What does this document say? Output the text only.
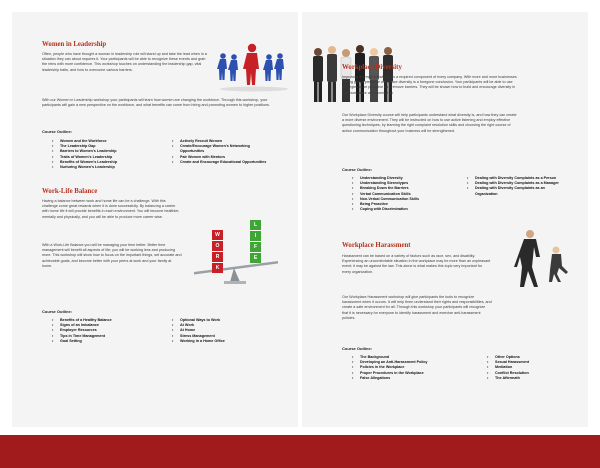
Women in Leadership
Often, people who have thought a woman in leadership role will stand up and take the lead when in a situation they can about requires it. Your participants will be able to recognize these events and grab the reins with more confidence. This workshop touches on understanding the leadership gap, vital leadership traits, and how to overcome various barriers.
With our Women in Leadership workshop your participants will learn how women are changing the workforce. Through this workshop, your participants will gain a new perspective on the workforce, and what benefits can come from hiring and promoting women to higher positions.
Course Outline:
• Women and the Workforce
• The Leadership Gap
• Barriers to Women's Leadership
• Traits of Women's Leadership
• Benefits of Women's Leadership
• Nurturing Women's Leadership
• Actively Recruit Women
• Create/Encourage Women's Networking Opportunities
• Pair Women with Mentors
• Create and Encourage Educational Opportunities
Work-Life Balance
Having a balance between work and home life can be a challenge. With this challenge come great rewards when it is done successfully. By balancing a career with home life it will provide benefits in each environment. You will become healthier, mentally and physically, and you will be able to produce more career wise.
With a Work-Life Balance you will be managing your time better. Better time management will benefit all aspects of life; you will be working less and producing more. This workshop will show how to focus on the important things, set accurate and achievable goals, and become better with your peers at work and your family at home.
W
O
R
K
L
I
F
E
Course Outline:
• Benefits of a Healthy Balance
• Signs of an Imbalance
• Employer Resources
• Tips in Time Management
• Goal Setting
• Optional Ways to Work
• At Work
• At Home
• Stress Management
• Working in a Home Office
Workplace Diversity
Improving diversity knowledge is a required component of every company. With more and more businesses having global presence workplace diversity is a foregone conclusion. Your participants will be able to use strategies to be proactive and remove barriers. They will be shown how to build and encourage diversity in their workplace and community.
Our Workplace Diversity course will help participants understand what diversity is, and how they can create a more diverse environment. They will be instructed on how to use active listening and employ effective questioning techniques, by learning the right complaint resolution skills and choosing the right course of action communication throughout your business will be strengthened.
Course Outline:
• Understanding Diversity
• Understanding Stereotypes
• Breaking Down the Barriers
• Verbal Communication Skills
• Non-Verbal Communication Skills
• Being Proactive
• Coping with Discrimination
• Dealing with Diversity Complaints as a Person
• Dealing with Diversity Complaints as a Manager
• Dealing with Diversity Complaints as an Organization
Workplace Harassment
Harassment can be based on a variety of factors such as race, sex, and disability. Experiencing an uncomfortable situation in the workplace may be more than an unpleasant event; it may be against the law. This alone is what makes this topic very important for every organization.
Our Workplace Harassment workshop will give participants the tools to recognize harassment when it occurs. It will help them understand their rights and responsibilities, and create a safe environment for all. Through this workshop your participants will recognize that it is necessary for everyone to identify harassment and exercise anti-harassment policies.
Course Outline:
• The Background
• Developing an Anti-Harassment Policy
• Policies in the Workplace
• Proper Procedures in the Workplace
• False Allegations
• Other Options
• Sexual Harassment
• Mediation
• Conflict Resolution
• The Aftermath
